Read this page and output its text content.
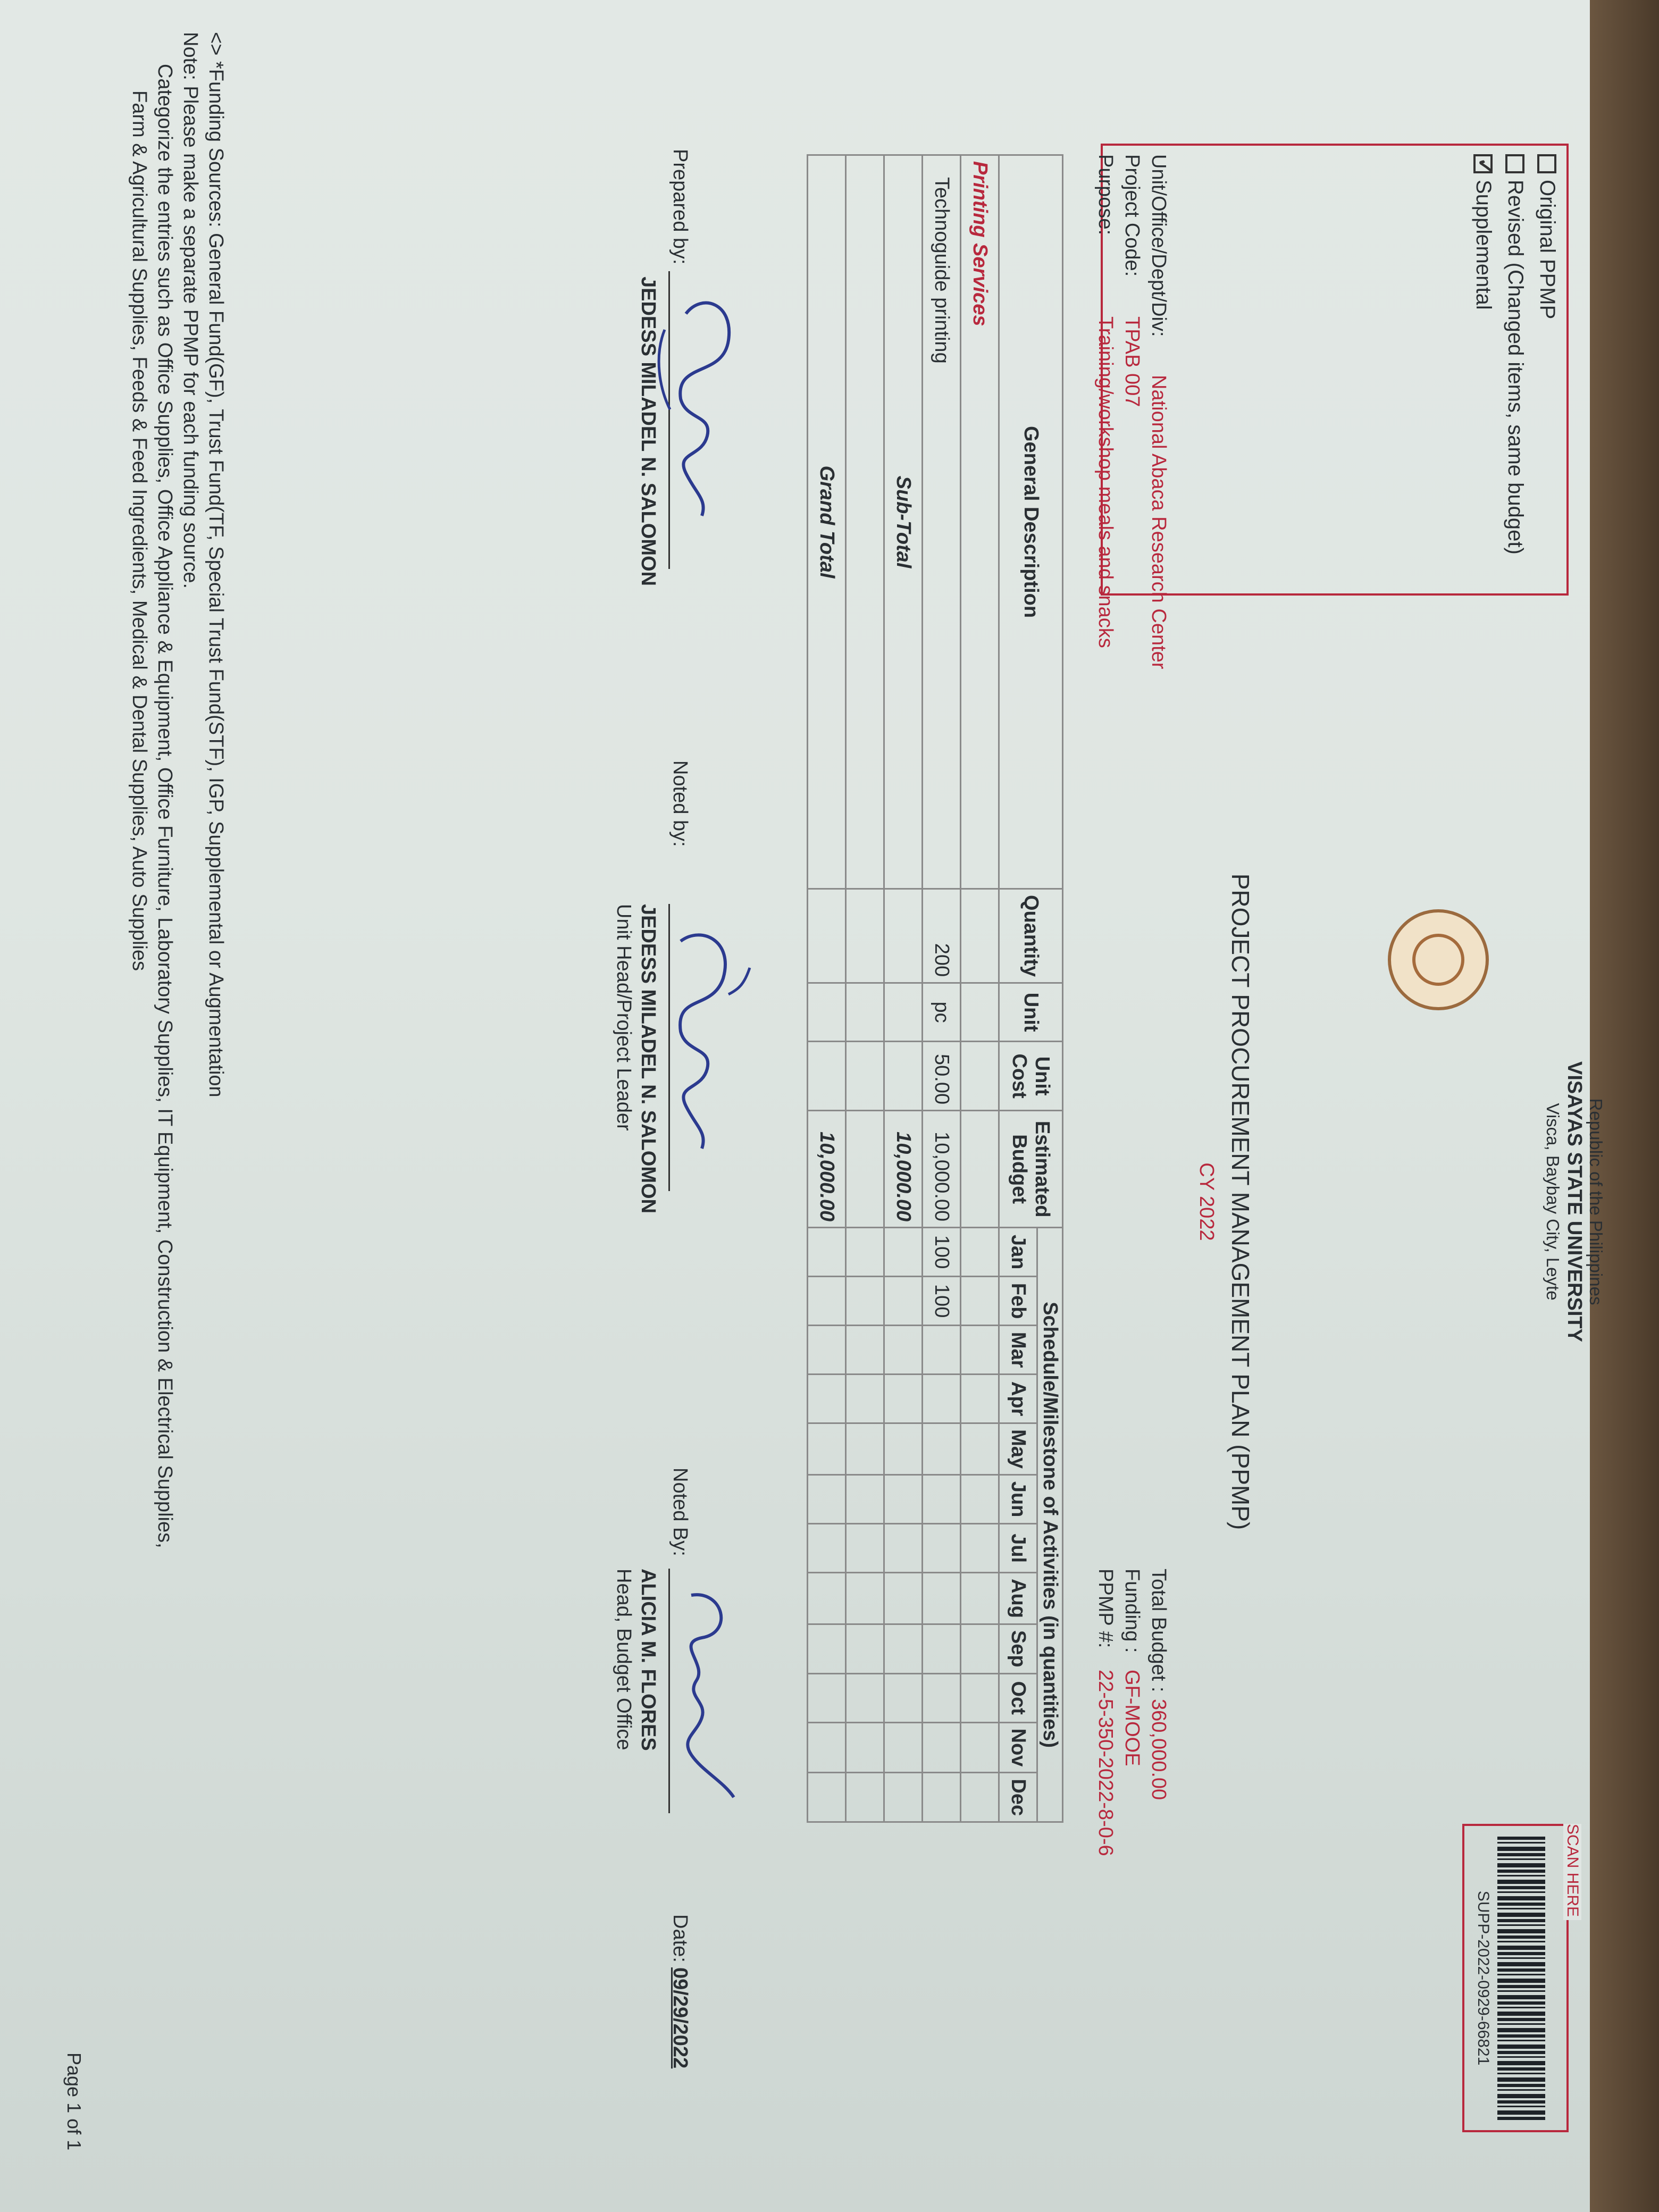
Original PPMP
Revised (Changed items, same budget)
✓
Supplemental
Republic of the Philippines
VISAYAS STATE UNIVERSITY
Visca, Baybay City, Leyte
PROJECT PROCUREMENT MANAGEMENT PLAN (PPMP)
CY 2022
SCAN HERE
SUPP-2022-0929-66821
Unit/Office/Dept/Div:
National Abaca Research Center
Project Code:
TPAB 007
Purpose:
Training/workshop meals and snacks
Total Budget :
360,000.00
Funding :
GF-MOOE
PPMP #:
22-5-350-2022-8-0-6
General Description	Quantity	Unit	Unit Cost	Estimated Budget	Schedule/Milestone of Activities (in quantities)											
					Jan	Feb	Mar	Apr	May	Jun	Jul	Aug	Sep	Oct	Nov	Dec
Printing Services																
Technoguide printing	200	pc	50.00	10,000.00	100	100										
Sub-Total				10,000.00												

Grand Total				10,000.00												
Prepared by:
JEDESS MILADEL N. SALOMON
Noted by:
JEDESS MILADEL N. SALOMON
Unit Head/Project Leader
Noted By:
ALICIA M. FLORES
Head, Budget Office
Date:
09/29/2022
<> *Funding Sources: General Fund(GF), Trust Fund(TF, Special Trust Fund(STF), IGP, Supplemental or Augmentation
Note: Please make a separate PPMP for each funding source.
Categorize the entries such as Office Supplies, Office Appliance & Equipment, Office Furniture, Laboratory Supplies, IT Equipment, Construction & Electrical Supplies,
Farm & Agricultural Supplies, Feeds & Feed Ingredients, Medical & Dental Supplies, Auto Supplies
Page 1 of 1
